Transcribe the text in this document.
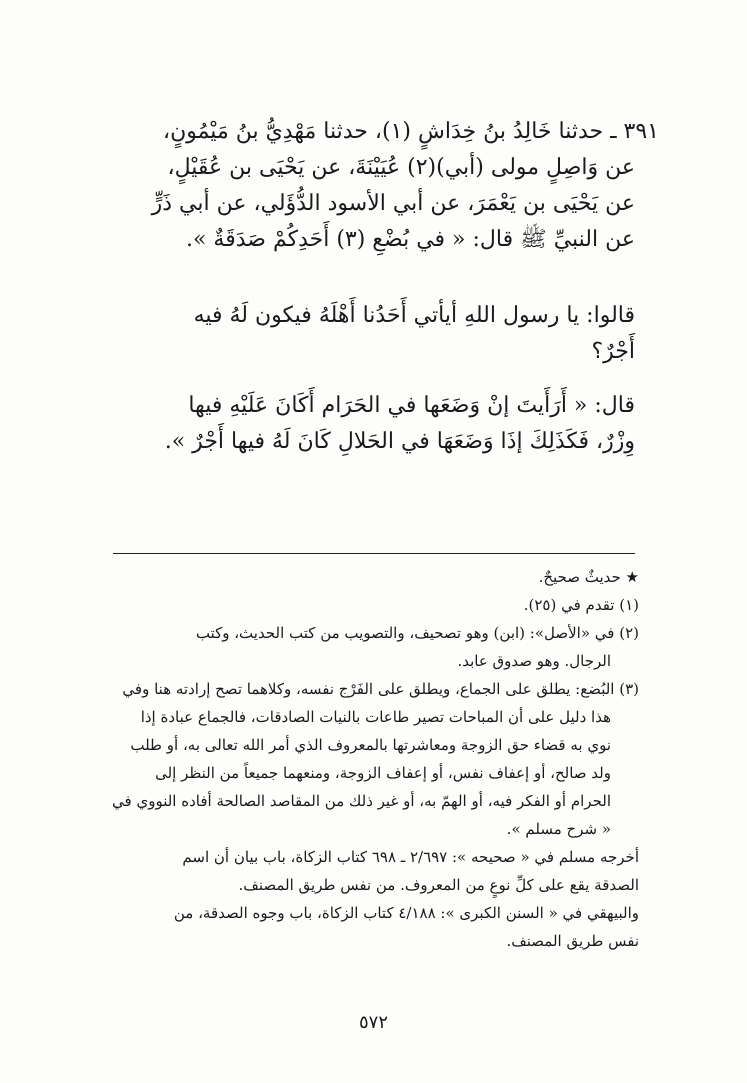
٣٩١ ـ حدثنا خَالِدُ بنُ خِدَاشٍ (١)، حدثنا مَهْدِيُّ بنُ مَيْمُونٍ،
عن وَاصِلٍ مولى (أبي)(٢) عُيَيْنَةَ، عن يَحْيَى بن عُقَيْلٍ،
عن يَحْيَى بن يَعْمَرَ، عن أبي الأسود الدُّؤَلي، عن أبي ذَرٍّ
عن النبيِّ ﷺ قال: « في بُضْعِ (٣) أَحَدِكُمْ صَدَقَةٌ ».
قالوا: يا رسول اللهِ أيأتي أَحَدُنا أَهْلَهُ فيكون لَهُ فيه
أَجْرٌ؟
قال: « أَرَأَيتَ إنْ وَضَعَها في الحَرَام أَكَانَ عَلَيْهِ فيها
وِزْرٌ، فَكَذَلِكَ إذَا وَضَعَهَا في الحَلالِ كَانَ لَهُ فيها أَجْرٌ ».
★ حديثٌ صحيحٌ.
(١) تقدم في (٢٥).
(٢) في «الأصل»: (ابن) وهو تصحيف، والتصويب من كتب الحديث، وكتب
الرجال. وهو صدوق عابد.
(٣) البُضع: يطلق على الجماع، ويطلق على الفَرْج نفسه، وكلاهما تصح إرادته هنا وفي
هذا دليل على أن المباحات تصير طاعات بالنيات الصادقات، فالجماع عبادة إذا
نوي به قضاء حق الزوجة ومعاشرتها بالمعروف الذي أمر الله تعالى به، أو طلب
ولد صالح، أو إعفاف نفس، أو إعفاف الزوجة، ومنعهما جميعاً من النظر إلى
الحرام أو الفكر فيه، أو الهمّ به، أو غير ذلك من المقاصد الصالحة أفاده النووي في
« شرح مسلم ».
أخرجه مسلم في « صحيحه »: ٢/٦٩٧ ـ ٦٩٨ كتاب الزكاة، باب بيان أن اسم
الصدقة يقع على كلِّ نوعٍ من المعروف. من نفس طريق المصنف.
والبيهقي في « السنن الكبرى »: ٤/١٨٨ كتاب الزكاة، باب وجوه الصدقة، من
نفس طريق المصنف.
٥٧٢
